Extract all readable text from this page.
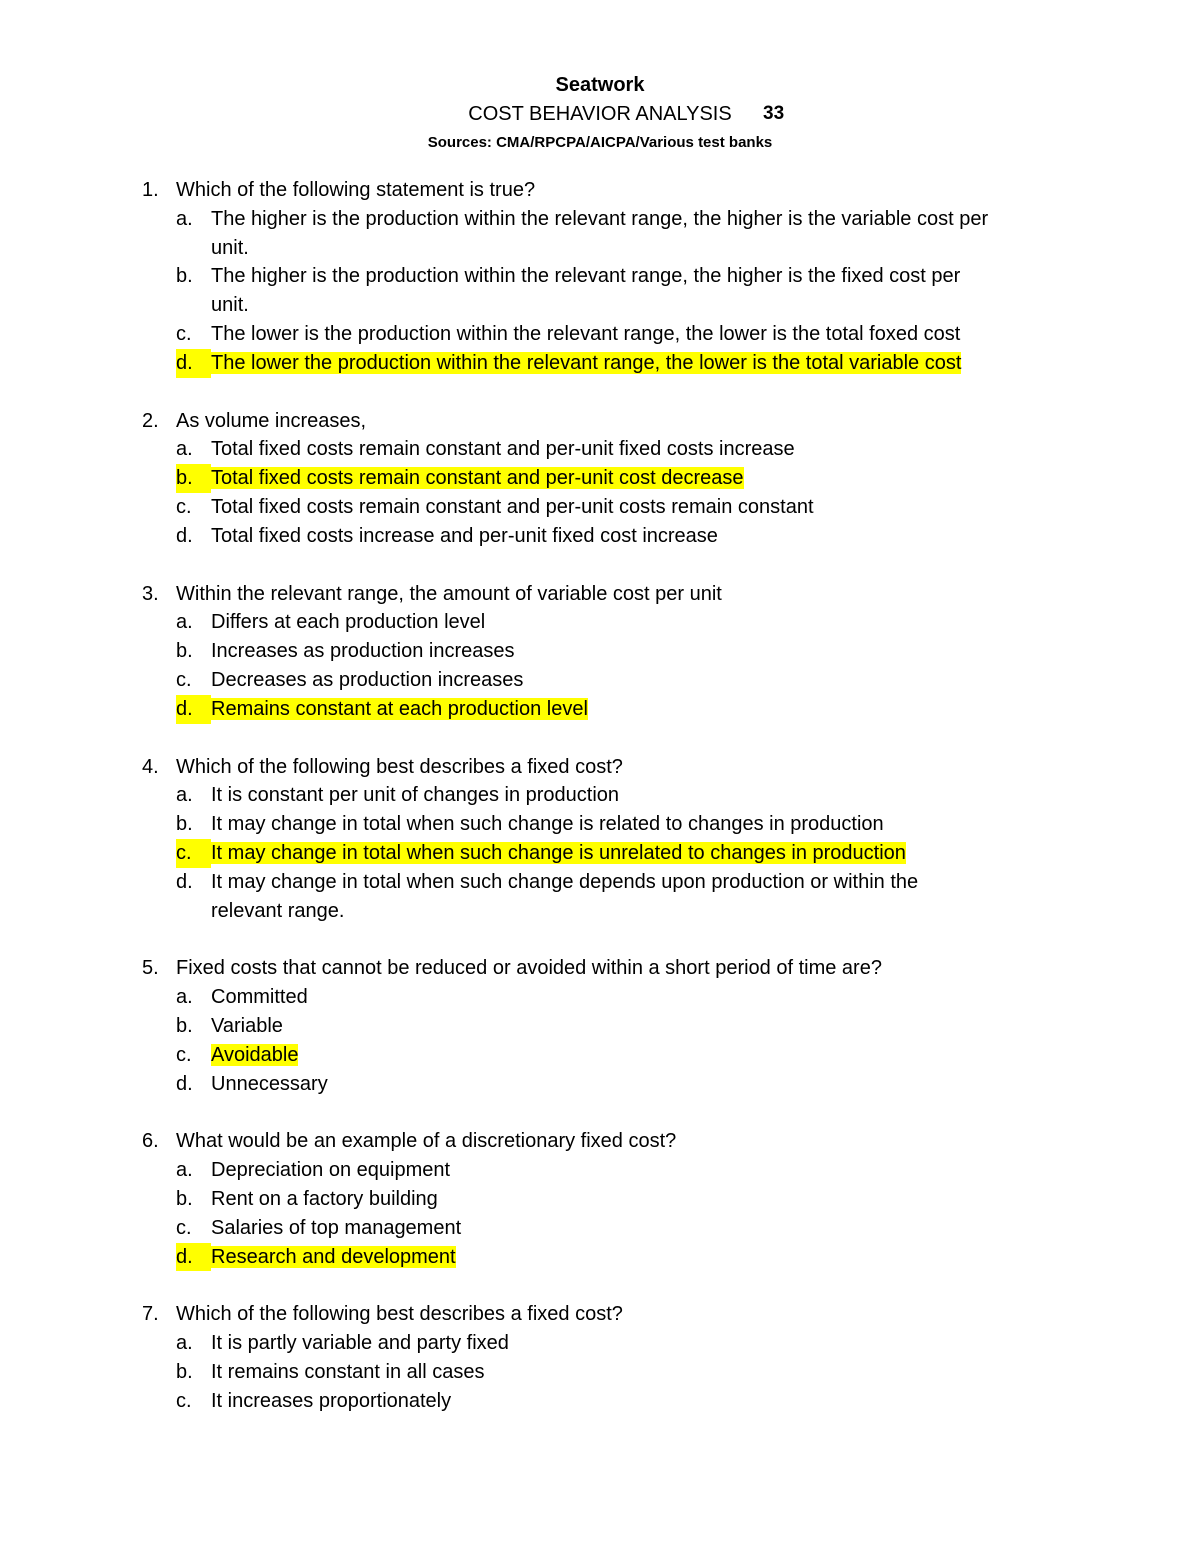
Seatwork
COST BEHAVIOR ANALYSIS 33
Sources: CMA/RPCPA/AICPA/Various test banks
1. Which of the following statement is true?

a. The higher is the production within the relevant range, the higher is the variable cost per

unit.

b. The higher is the production within the relevant range, the higher is the fixed cost per

unit.

c. The lower is the production within the relevant range, the lower is the total foxed cost

d. The lower the production within the relevant range, the lower is the total variable cost

2. As volume increases,

a. Total fixed costs remain constant and per-unit fixed costs increase

b. Total fixed costs remain constant and per-unit cost decrease

c. Total fixed costs remain constant and per-unit costs remain constant

d. Total fixed costs increase and per-unit fixed cost increase

3. Within the relevant range, the amount of variable cost per unit

a. Differs at each production level

b. Increases as production increases

c. Decreases as production increases

d. Remains constant at each production level

4. Which of the following best describes a fixed cost?

a. It is constant per unit of changes in production

b. It may change in total when such change is related to changes in production

c. It may change in total when such change is unrelated to changes in production

d. It may change in total when such change depends upon production or within the

relevant range.

5. Fixed costs that cannot be reduced or avoided within a short period of time are?

a. Committed

b. Variable

c. Avoidable

d. Unnecessary

6. What would be an example of a discretionary fixed cost?

a. Depreciation on equipment

b. Rent on a factory building

c. Salaries of top management

d. Research and development

7. Which of the following best describes a fixed cost?

a. It is partly variable and party fixed

b. It remains constant in all cases

c. It increases proportionately
